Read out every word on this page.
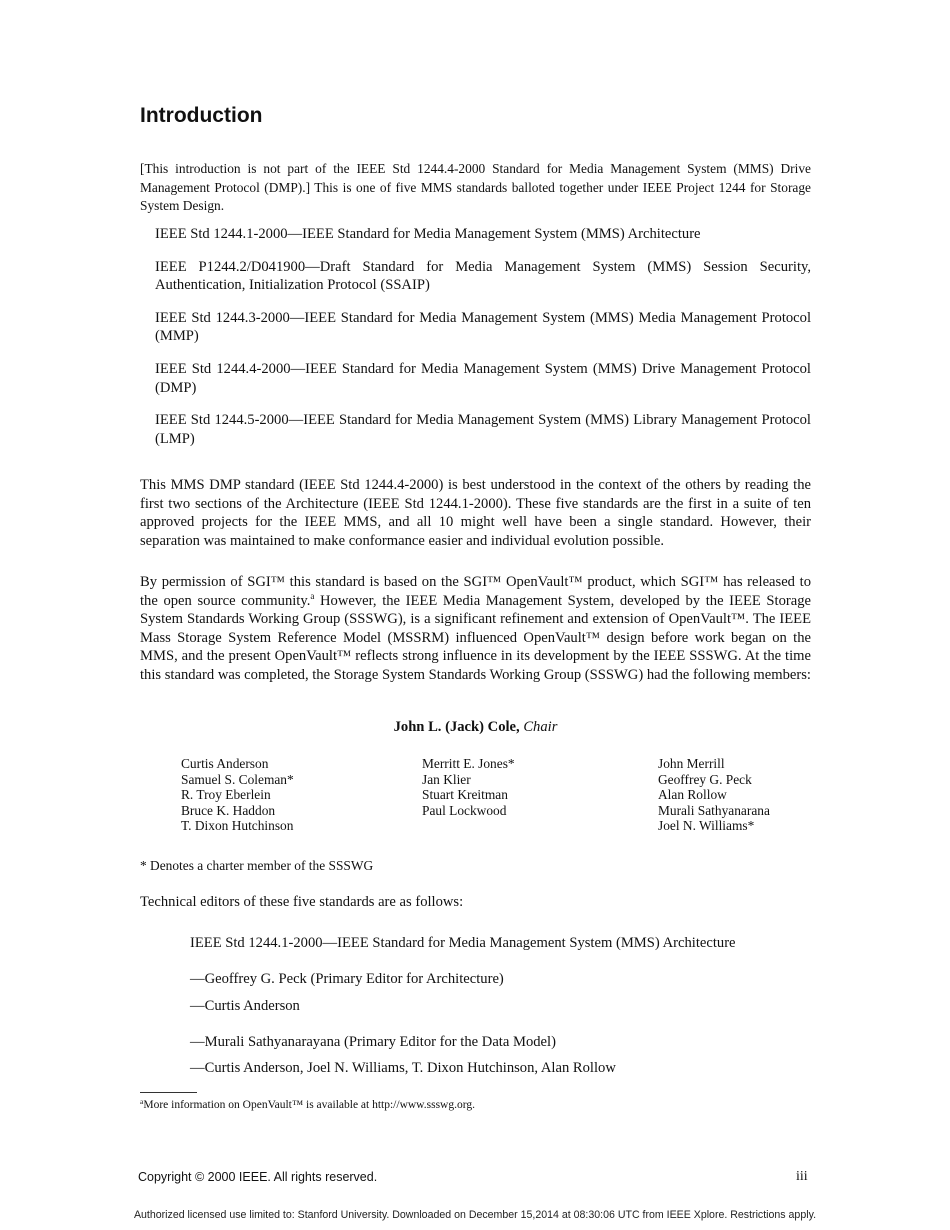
Introduction

[This introduction is not part of the IEEE Std 1244.4-2000 Standard for Media Management System (MMS) Drive Management Protocol (DMP).] This is one of five MMS standards balloted together under IEEE Project 1244 for Storage System Design.

IEEE Std 1244.1-2000—IEEE Standard for Media Management System (MMS) Architecture
IEEE P1244.2/D041900—Draft Standard for Media Management System (MMS) Session Security, Authentication, Initialization Protocol (SSAIP)
IEEE Std 1244.3-2000—IEEE Standard for Media Management System (MMS) Media Management Protocol (MMP)
IEEE Std 1244.4-2000—IEEE Standard for Media Management System (MMS) Drive Management Protocol (DMP)
IEEE Std 1244.5-2000—IEEE Standard for Media Management System (MMS) Library Management Protocol (LMP)

This MMS DMP standard (IEEE Std 1244.4-2000) is best understood in the context of the others by reading the first two sections of the Architecture (IEEE Std 1244.1-2000). These five standards are the first in a suite of ten approved projects for the IEEE MMS, and all 10 might well have been a single standard. However, their separation was maintained to make conformance easier and individual evolution possible.

By permission of SGI™ this standard is based on the SGI™ OpenVault™ product, which SGI™ has released to the open source community.$^a$ However, the IEEE Media Management System, developed by the IEEE Storage System Standards Working Group (SSSWG), is a significant refinement and extension of OpenVault™. The IEEE Mass Storage System Reference Model (MSSRM) influenced OpenVault™ design before work began on the MMS, and the present OpenVault™ reflects strong influence in its development by the IEEE SSSWG. At the time this standard was completed, the Storage System Standards Working Group (SSSWG) had the following members:

John L. (Jack) Cole, Chair

Curtis Anderson
Samuel S. Coleman*
R. Troy Eberlein
Bruce K. Haddon
T. Dixon Hutchinson
Merritt E. Jones*
Jan Klier
Stuart Kreitman
Paul Lockwood
John Merrill
Geoffrey G. Peck
Alan Rollow
Murali Sathyanarana
Joel N. Williams*

* Denotes a charter member of the SSSWG

Technical editors of these five standards are as follows:

IEEE Std 1244.1-2000—IEEE Standard for Media Management System (MMS) Architecture

—Geoffrey G. Peck (Primary Editor for Architecture)

—Curtis Anderson

—Murali Sathyanarayana (Primary Editor for the Data Model)

—Curtis Anderson, Joel N. Williams, T. Dixon Hutchinson, Alan Rollow

$^a$More information on OpenVault™ is available at http://www.ssswg.org.

Copyright © 2000 IEEE. All rights reserved.	iii

Authorized licensed use limited to: Stanford University. Downloaded on December 15,2014 at 08:30:06 UTC from IEEE Xplore. Restrictions apply.
